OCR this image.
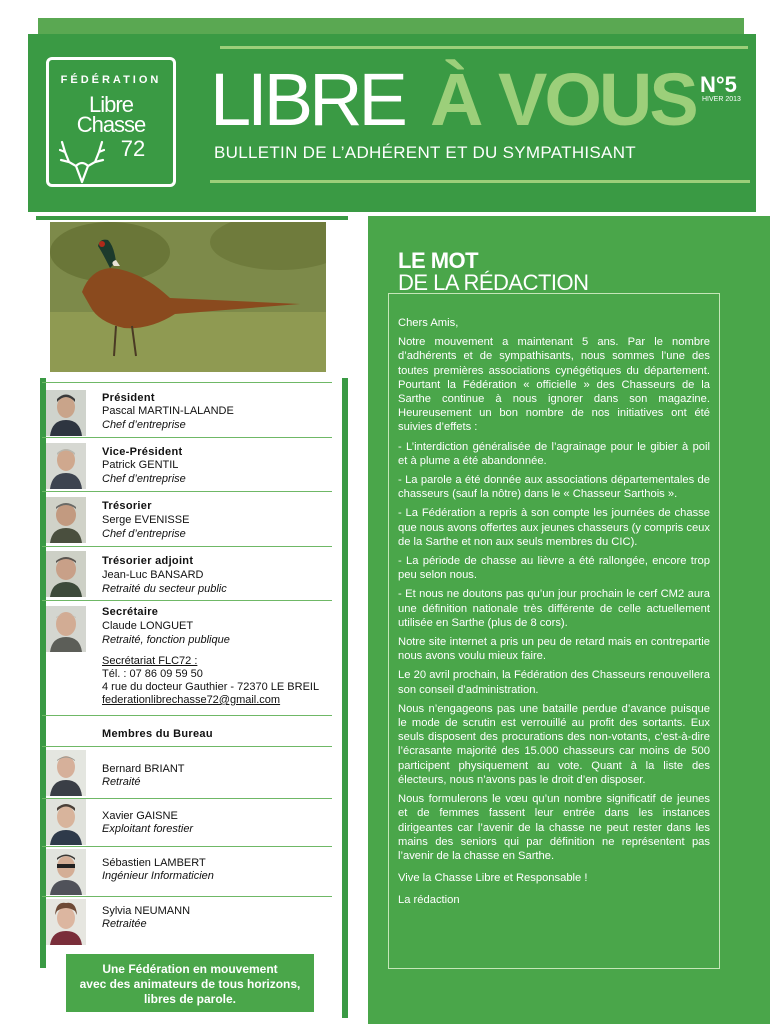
FÉDÉRATION
Libre
Chasse
72
LIBRE À VOUS N°5
HIVER 2013
BULLETIN DE L’ADHÉRENT ET DU SYMPATHISANT
Président
Pascal MARTIN-LALANDE
Chef d’entreprise
Vice-Président
Patrick GENTIL
Chef d’entreprise
Trésorier
Serge EVENISSE
Chef d’entreprise
Trésorier adjoint
Jean-Luc BANSARD
Retraité du secteur public
Secrétaire
Claude LONGUET
Retraité, fonction publique
Secrétariat FLC72 :
Tél. : 07 86 09 59 50
4 rue du docteur Gauthier - 72370 LE BREIL
federationlibrechasse72@gmail.com
Membres du Bureau
Bernard BRIANT
Retraité
Xavier GAISNE
Exploitant forestier
Sébastien LAMBERT
Ingénieur Informaticien
Sylvia NEUMANN
Retraitée
Une Fédération en mouvement
avec des animateurs de tous horizons,
libres de parole.
LE MOT
DE LA RÉDACTION

Chers Amis,

Notre mouvement a maintenant 5 ans. Par le nombre d’adhérents et de sympathisants, nous sommes l’une des toutes premières associations cynégétiques du département. Pourtant la Fédération « officielle » des Chasseurs de la Sarthe continue à nous ignorer dans son magazine. Heureusement un bon nombre de nos initiatives ont été suivies d’effets :

- L’interdiction généralisée de l’agrainage pour le gibier à poil et à plume a été abandonnée.

- La parole a été donnée aux associations départementales de chasseurs (sauf la nôtre) dans le « Chasseur Sarthois ».

- La Fédération a repris à son compte les journées de chasse que nous avons offertes aux jeunes chasseurs (y compris ceux de la Sarthe et non aux seuls membres du CIC).

- La période de chasse au lièvre a été rallongée, encore trop peu selon nous.

- Et nous ne doutons pas qu’un jour prochain le cerf CM2 aura une définition nationale très différente de celle actuellement utilisée en Sarthe (plus de 8 cors).

Notre site internet a pris un peu de retard mais en contrepartie nous avons voulu mieux faire.

Le 20 avril prochain, la Fédération des Chasseurs renouvellera son conseil d’administration.

Nous n’engageons pas une bataille perdue d’avance puisque le mode de scrutin est verrouillé au profit des sortants. Eux seuls disposent des procurations des non-votants, c’est-à-dire l’écrasante majorité des 15.000 chasseurs car moins de 500 participent physiquement au vote. Quant à la liste des électeurs, nous n’avons pas le droit d’en disposer.

Nous formulerons le vœu qu’un nombre significatif de jeunes et de femmes fassent leur entrée dans les instances dirigeantes car l’avenir de la chasse ne peut rester dans les mains des seniors qui par définition ne représentent pas l’avenir de la chasse en Sarthe.

Vive la Chasse Libre et Responsable !

La rédaction
